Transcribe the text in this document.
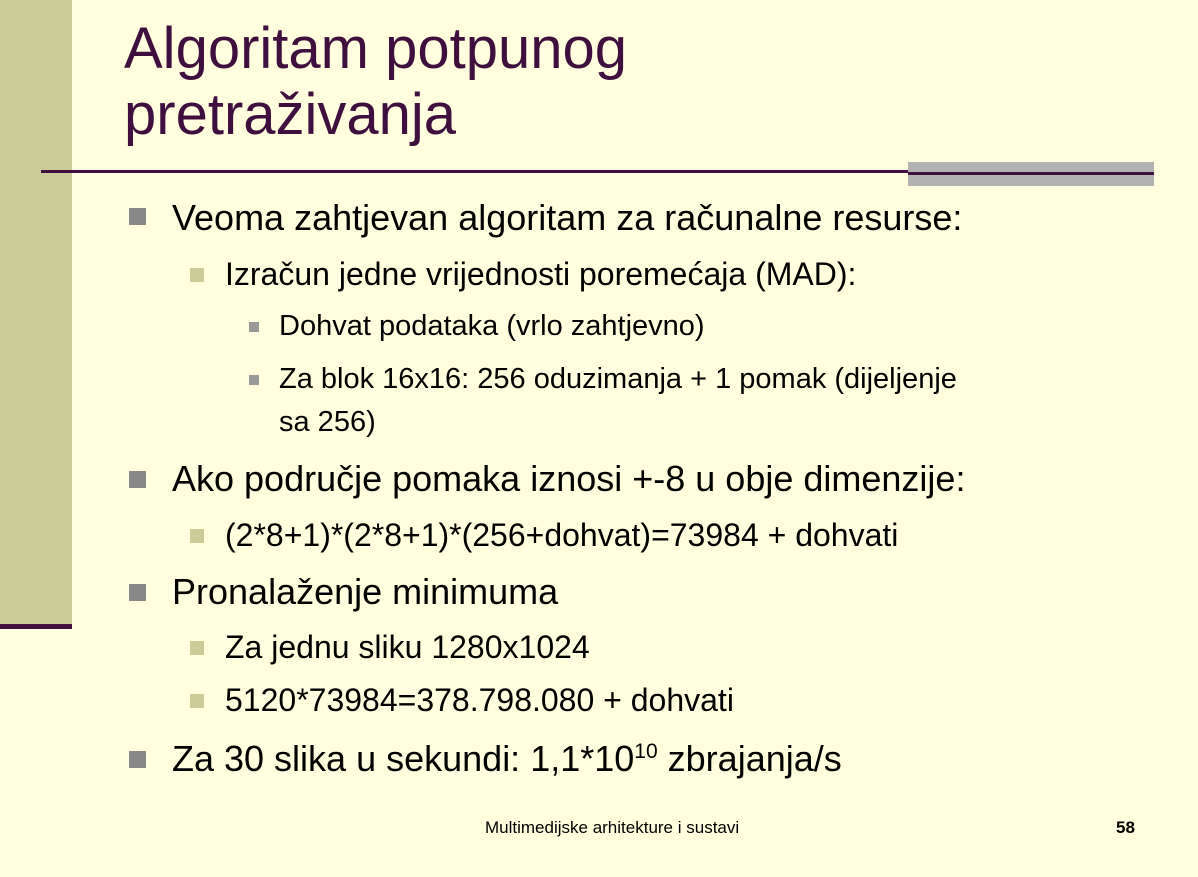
Algoritam potpunog
pretraživanja
Veoma zahtjevan algoritam za računalne resurse:
Izračun jedne vrijednosti poremećaja (MAD):
Dohvat podataka (vrlo zahtjevno)
Za blok 16x16: 256 oduzimanja + 1 pomak (dijeljenje
sa 256)
Ako područje pomaka iznosi +-8 u obje dimenzije:
(2*8+1)*(2*8+1)*(256+dohvat)=73984 + dohvati
Pronalaženje minimuma
Za jednu sliku 1280x1024
5120*73984=378.798.080 + dohvati
Za 30 slika u sekundi: $1,1*10^{10}$ zbrajanja/s
Multimedijske arhitekture i sustavi	58
